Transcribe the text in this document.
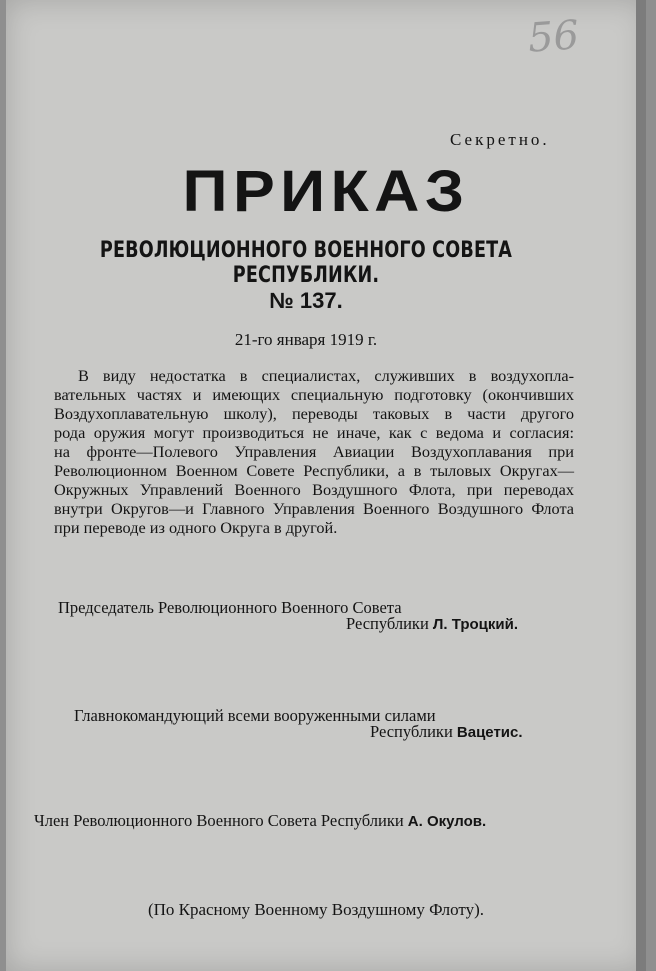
56
Секретно.
ПРИКАЗ
РЕВОЛЮЦИОННОГО ВОЕННОГО СОВЕТА РЕСПУБЛИКИ.
№ 137.
21-го января 1919 г.
В виду недостатка в специалистах, служивших в воздухопла-
вательных частях и имеющих специальную подготовку (окончивших
Воздухоплавательную школу), переводы таковых в части другого
рода оружия могут производиться не иначе, как с ведома и согласия:
на фронте—Полевого Управления Авиации Воздухоплавания при
Революционном Военном Совете Республики, а в тыловых Округах—
Окружных Управлений Военного Воздушного Флота, при переводах
внутри Округов—и Главного Управления Военного Воздушного Флота
при переводе из одного Округа в другой.
Председатель Революционного Военного Совета
Республики Л. Троцкий.
Главнокомандующий всеми вооруженными силами
Республики Вацетис.
Член Революционного Военного Совета Республики А. Окулов.
(По Красному Военному Воздушному Флоту).
